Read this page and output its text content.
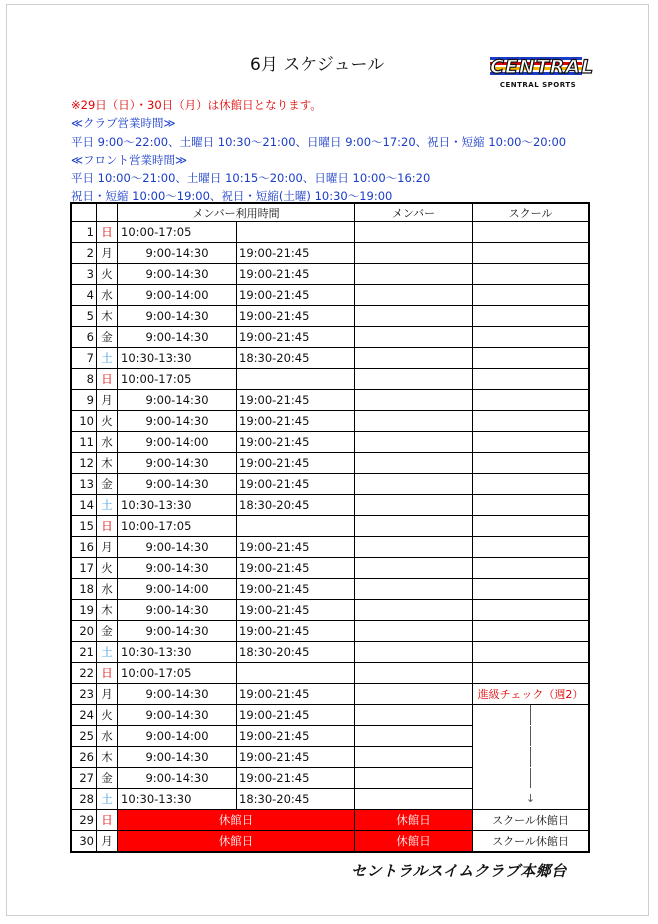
6月 スケジュール	CENTRAL
CENTRAL SPORTS
※29日（日）・30日（月）は休館日となります。
≪クラブ営業時間≫
平日 9:00～22:00、土曜日 10:30～21:00、日曜日 9:00～17:20、祝日・短縮 10:00～20:00
≪フロント営業時間≫
平日 10:00～21:00、土曜日 10:15～20:00、日曜日 10:00～16:20
祝日・短縮 10:00～19:00、祝日・短縮(土曜) 10:30～19:00
		メンバー利用時間		メンバー	スクール
1	日	10:00-17:05			
2	月	9:00-14:30	19:00-21:45		
3	火	9:00-14:30	19:00-21:45		
4	水	9:00-14:00	19:00-21:45		
5	木	9:00-14:30	19:00-21:45		
6	金	9:00-14:30	19:00-21:45		
7	土	10:30-13:30	18:30-20:45		
8	日	10:00-17:05			
9	月	9:00-14:30	19:00-21:45		
10	火	9:00-14:30	19:00-21:45		
11	水	9:00-14:00	19:00-21:45		
12	木	9:00-14:30	19:00-21:45		
13	金	9:00-14:30	19:00-21:45		
14	土	10:30-13:30	18:30-20:45		
15	日	10:00-17:05			
16	月	9:00-14:30	19:00-21:45		
17	火	9:00-14:30	19:00-21:45		
18	水	9:00-14:00	19:00-21:45		
19	木	9:00-14:30	19:00-21:45		
20	金	9:00-14:30	19:00-21:45		
21	土	10:30-13:30	18:30-20:45		
22	日	10:00-17:05			
23	月	9:00-14:30	19:00-21:45		進級チェック（週2）
24	火	9:00-14:30	19:00-21:45		
25	水	9:00-14:00	19:00-21:45		
26	木	9:00-14:30	19:00-21:45		
27	金	9:00-14:30	19:00-21:45		
28	土	10:30-13:30	18:30-20:45		↓
29	日	休館日		休館日	スクール休館日
30	月	休館日		休館日	スクール休館日
セントラルスイムクラブ本郷台
